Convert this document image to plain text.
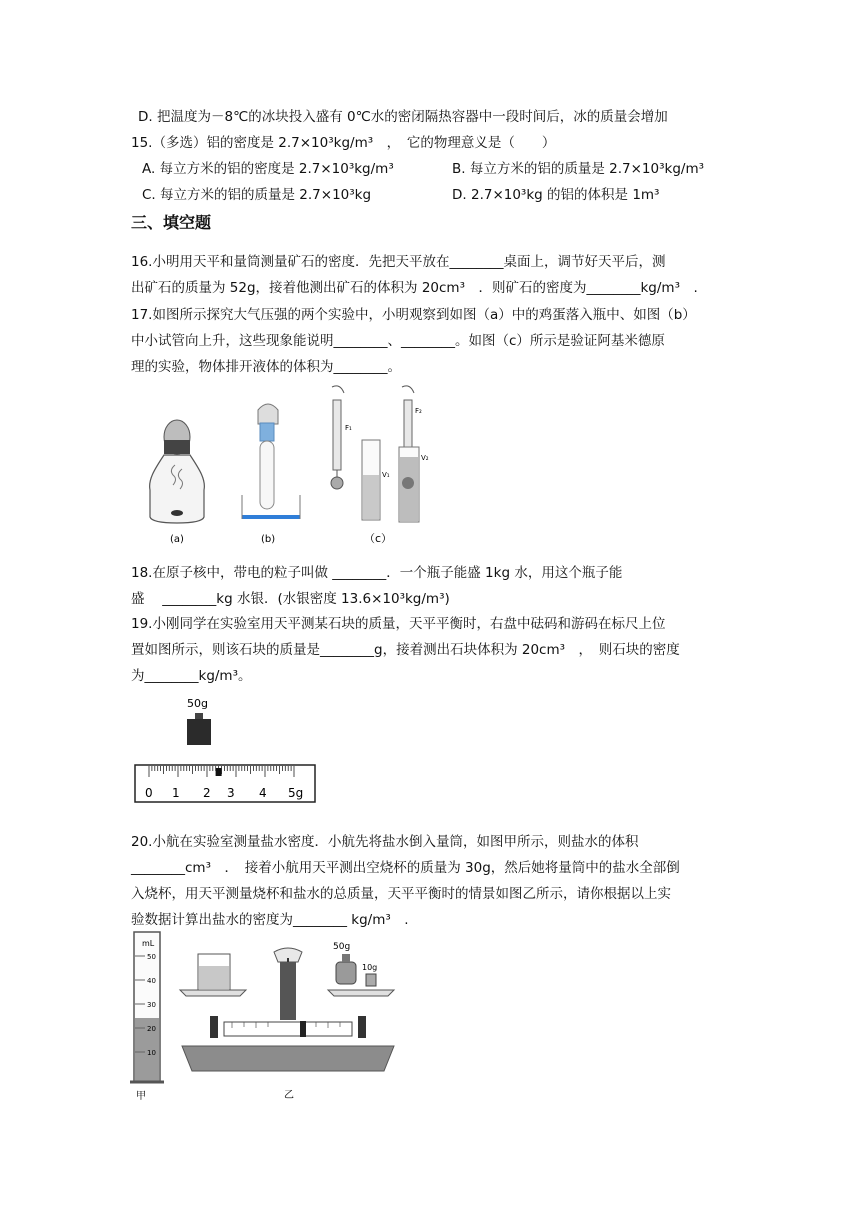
D. 把温度为－8℃的冰块投入盛有 0℃水的密闭隔热容器中一段时间后，冰的质量会增加
15.（多选）铝的密度是 2.7×10³kg/m³　，　它的物理意义是（　　）
A. 每立方米的铝的密度是 2.7×10³kg/m³	B. 每立方米的铝的质量是 2.7×10³kg/m³
C. 每立方米的铝的质量是 2.7×10³kg	D. 2.7×10³kg 的铝的体积是 1m³
三、填空题
16.小明用天平和量筒测量矿石的密度．先把天平放在________桌面上，调节好天平后，测
出矿石的质量为 52g，接着他测出矿石的体积为 20cm³　．则矿石的密度为________kg/m³　.
17.如图所示探究大气压强的两个实验中，小明观察到如图（a）中的鸡蛋落入瓶中、如图（b）
中小试管向上升，这些现象能说明________、________。如图（c）所示是验证阿基米德原
理的实验，物体排开液体的体积为________。
(a)	(b)
F₁
F₂
V₁
V₂
（c）
18.在原子核中，带电的粒子叫做 ________．一个瓶子能盛 1kg 水，用这个瓶子能
盛　 ________kg 水银．(水银密度 13.6×10³kg/m³)
19.小刚同学在实验室用天平测某石块的质量，天平平衡时，右盘中砝码和游码在标尺上位
置如图所示，则该石块的质量是________g，接着测出石块体积为 20cm³　，　则石块的密度
为________kg/m³。
50g
0 1 2 3 4 5g
20.小航在实验室测量盐水密度．小航先将盐水倒入量筒，如图甲所示，则盐水的体积
________cm³　．　接着小航用天平测出空烧杯的质量为 30g，然后她将量筒中的盐水全部倒
入烧杯，用天平测量烧杯和盐水的总质量，天平平衡时的情景如图乙所示，请你根据以上实
验数据计算出盐水的密度为________ kg/m³　.
mL
50
40
30
20
10
甲
50g
10g
乙
